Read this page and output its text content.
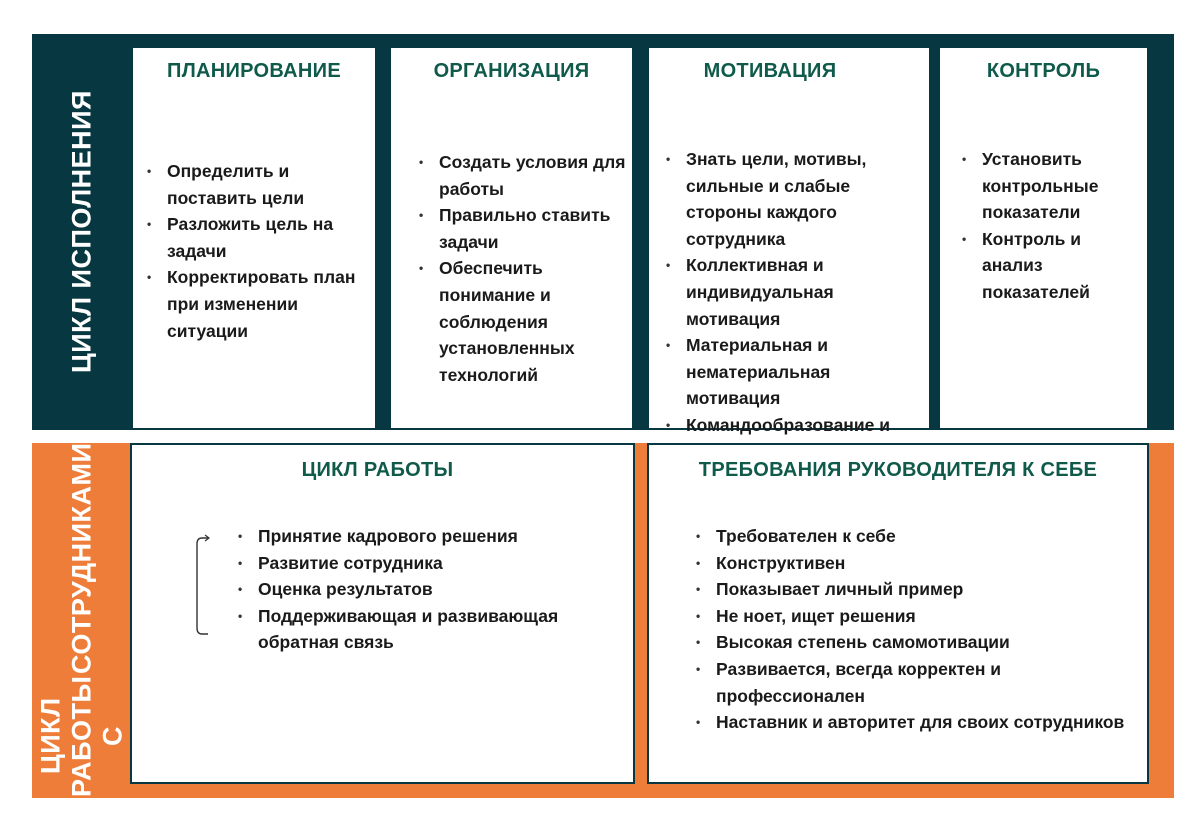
ЦИКЛ ИСПОЛНЕНИЯ
ПЛАНИРОВАНИЕ
• Определить и поставить цели
• Разложить цель на задачи
• Корректировать план при изменении ситуации
ОРГАНИЗАЦИЯ
• Создать условия для работы
• Правильно ставить задачи
• Обеспечить понимание и соблюдения установленных технологий
МОТИВАЦИЯ
• Знать цели, мотивы, сильные и слабые стороны каждого сотрудника
• Коллективная и индивидуальная мотивация
• Материальная и нематериальная мотивация
• Командообразование и
КОНТРОЛЬ
• Установить контрольные показатели
• Контроль и анализ показателей
ЦИКЛ РАБОТЫ С
СОТРУДНИКАМИ	ЦИКЛ РАБОТЫ
• Принятие кадрового решения
• Развитие сотрудника
• Оценка результатов
• Поддерживающая и развивающая обратная связь
ТРЕБОВАНИЯ РУКОВОДИТЕЛЯ К СЕБЕ
• Требователен к себе
• Конструктивен
• Показывает личный пример
• Не ноет, ищет решения
• Высокая степень самомотивации
• Развивается, всегда корректен и профессионален
• Наставник и авторитет для своих сотрудников
